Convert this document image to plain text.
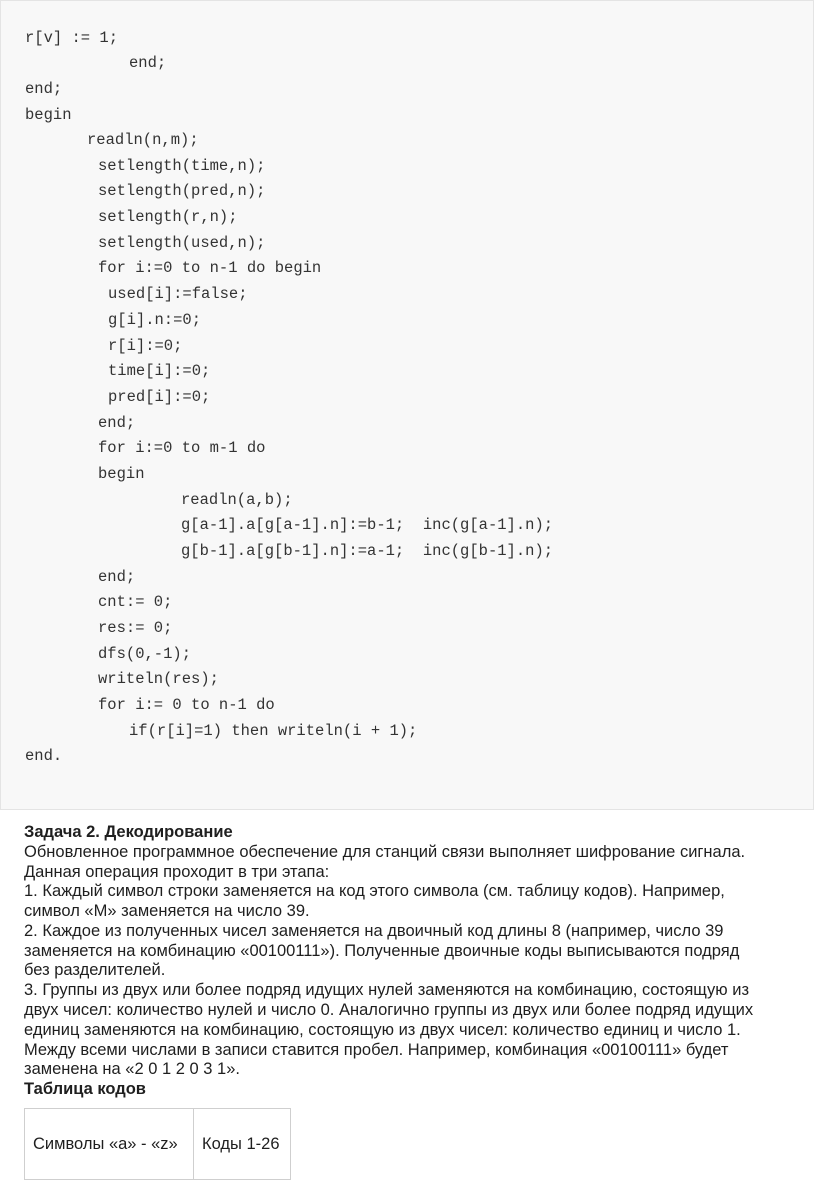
r[v] := 1;
end;
end;
begin
readln(n,m);
setlength(time,n);
setlength(pred,n);
setlength(r,n);
setlength(used,n);
for i:=0 to n-1 do begin
used[i]:=false;
g[i].n:=0;
r[i]:=0;
time[i]:=0;
pred[i]:=0;
end;
for i:=0 to m-1 do
begin
readln(a,b);
g[a-1].a[g[a-1].n]:=b-1;  inc(g[a-1].n);
g[b-1].a[g[b-1].n]:=a-1;  inc(g[b-1].n);
end;
cnt:= 0;
res:= 0;
dfs(0,-1);
writeln(res);
for i:= 0 to n-1 do
if(r[i]=1) then writeln(i + 1);
end.
Задача 2. Декодирование
Обновленное программное обеспечение для станций связи выполняет шифрование сигнала.
Данная операция проходит в три этапа:
1. Каждый символ строки заменяется на код этого символа (см. таблицу кодов). Например,
символ «M» заменяется на число 39.
2. Каждое из полученных чисел заменяется на двоичный код длины 8 (например, число 39
заменяется на комбинацию «00100111»). Полученные двоичные коды выписываются подряд
без разделителей.
3. Группы из двух или более подряд идущих нулей заменяются на комбинацию, состоящую из
двух чисел: количество нулей и число 0. Аналогично группы из двух или более подряд идущих
единиц заменяются на комбинацию, состоящую из двух чисел: количество единиц и число 1.
Между всеми числами в записи ставится пробел. Например, комбинация «00100111» будет
заменена на «2 0 1 2 0 3 1».
Таблица кодов
Символы «a» - «z»	Коды 1-26
